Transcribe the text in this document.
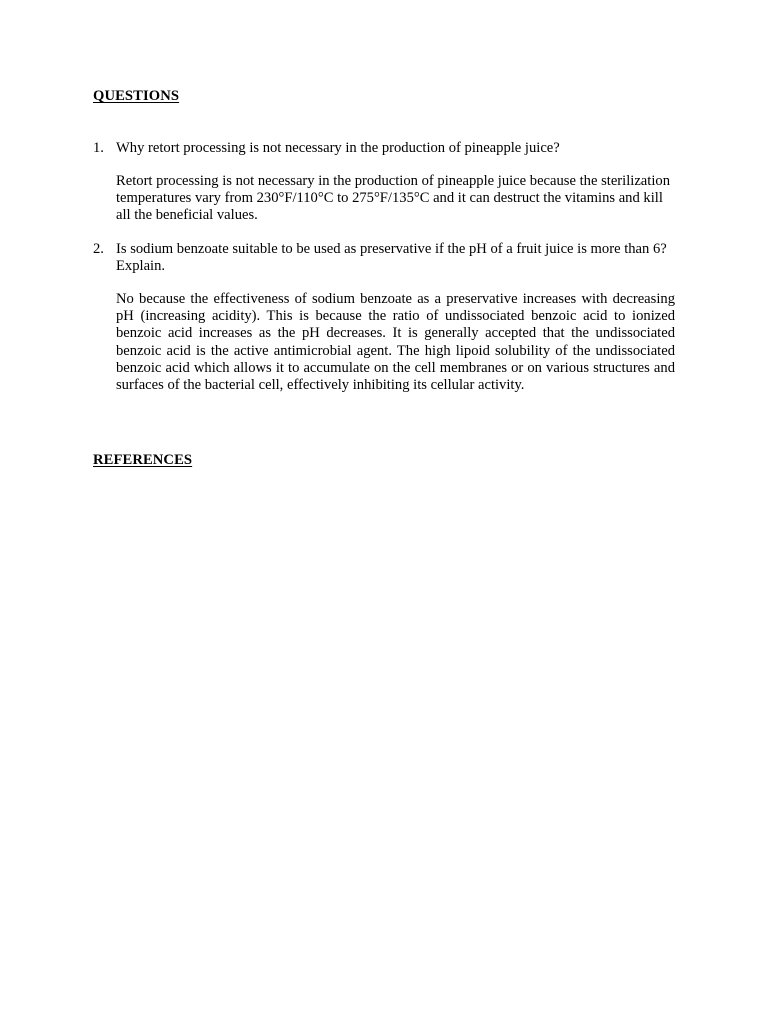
QUESTIONS
1. Why retort processing is not necessary in the production of pineapple juice?
Retort processing is not necessary in the production of pineapple juice because the sterilization temperatures vary from 230°F/110°C to 275°F/135°C and it can destruct the vitamins and kill all the beneficial values.
2. Is sodium benzoate suitable to be used as preservative if the pH of a fruit juice is more than 6? Explain.
No because the effectiveness of sodium benzoate as a preservative increases with decreasing pH (increasing acidity). This is because the ratio of undissociated benzoic acid to ionized benzoic acid increases as the pH decreases. It is generally accepted that the undissociated benzoic acid is the active antimicrobial agent. The high lipoid solubility of the undissociated benzoic acid which allows it to accumulate on the cell membranes or on various structures and surfaces of the bacterial cell, effectively inhibiting its cellular activity.
REFERENCES
